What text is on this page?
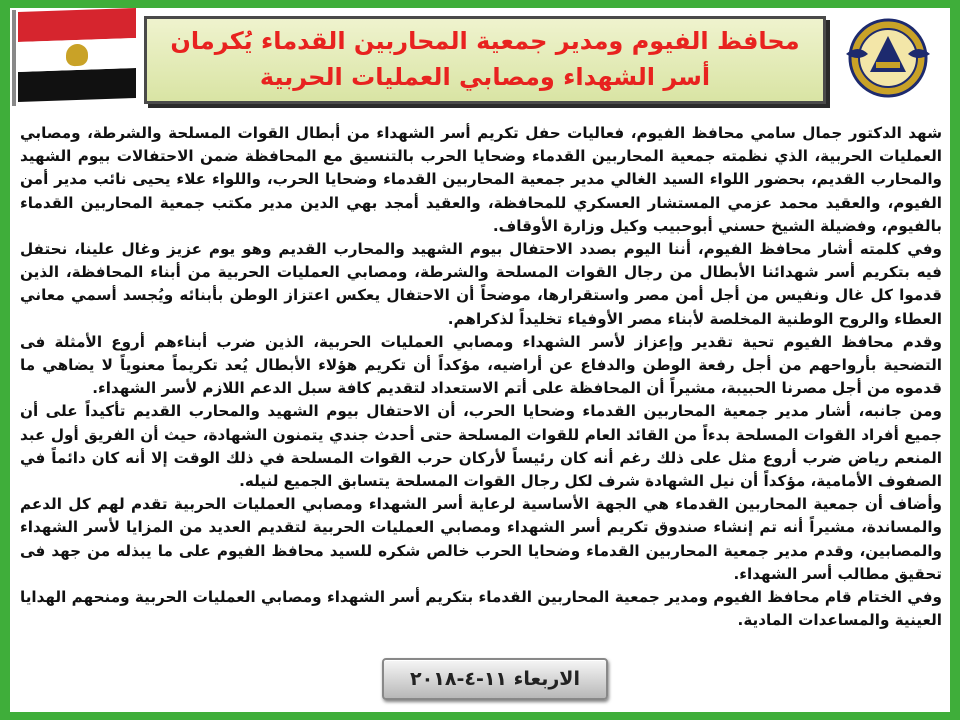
محافظ الفيوم ومدير جمعية المحاربين القدماء يُكرمان أسر الشهداء ومصابي العمليات الحربية

شهد الدكتور جمال سامي محافظ الفيوم، فعاليات حفل تكريم أسر الشهداء من أبطال القوات المسلحة والشرطة، ومصابي العمليات الحربية، الذي نظمته جمعية المحاربين القدماء وضحايا الحرب بالتنسيق مع المحافظة ضمن الاحتفالات بيوم الشهيد والمحارب القديم، بحضور اللواء السيد الغالي مدير جمعية المحاربين القدماء وضحايا الحرب، واللواء علاء يحيى نائب مدير أمن الفيوم، والعقيد محمد عزمي المستشار العسكري للمحافظة، والعقيد أمجد بهي الدين مدير مكتب جمعية المحاربين القدماء بالفيوم، وفضيلة الشيخ حسني أبوحبيب وكيل وزارة الأوقاف.

وفي كلمته أشار محافظ الفيوم، أننا اليوم بصدد الاحتفال بيوم الشهيد والمحارب القديم وهو يوم عزيز وغال علينا، نحتفل فيه بتكريم أسر شهدائنا الأبطال من رجال القوات المسلحة والشرطة، ومصابي العمليات الحربية من أبناء المحافظة، الذين قدموا كل غال ونفيس من أجل أمن مصر واستقرارها، موضحاً أن الاحتفال يعكس اعتزاز الوطن بأبنائه ويُجسد أسمي معاني العطاء والروح الوطنية المخلصة لأبناء مصر الأوفياء تخليداً لذكراهم.

وقدم محافظ الفيوم تحية تقدير وإعزاز لأسر الشهداء ومصابي العمليات الحربية، الذين ضرب أبناءهم أروع الأمثلة فى التضحية بأرواحهم من أجل رفعة الوطن والدفاع عن أراضيه، مؤكداً أن تكريم هؤلاء الأبطال يُعد تكريماً معنوياً لا يضاهي ما قدموه من أجل مصرنا الحبيبة، مشيراً أن المحافظة على أتم الاستعداد لتقديم كافة سبل الدعم اللازم لأسر الشهداء.

ومن جانبه، أشار مدير جمعية المحاربين القدماء وضحايا الحرب، أن الاحتفال بيوم الشهيد والمحارب القديم تأكيداً على أن جميع أفراد القوات المسلحة بدءاً من القائد العام للقوات المسلحة حتى أحدث جندي يتمنون الشهادة، حيث أن الفريق أول عبد المنعم رياض ضرب أروع مثل على ذلك رغم أنه كان رئيساً لأركان حرب القوات المسلحة في ذلك الوقت إلا أنه كان دائماً في الصفوف الأمامية، مؤكداً أن نيل الشهادة شرف لكل رجال القوات المسلحة يتسابق الجميع لنيله.

وأضاف أن جمعية المحاربين القدماء هي الجهة الأساسية لرعاية أسر الشهداء ومصابي العمليات الحربية تقدم لهم كل الدعم والمساندة، مشيراً أنه تم إنشاء صندوق تكريم أسر الشهداء ومصابي العمليات الحربية لتقديم العديد من المزايا لأسر الشهداء والمصابين، وقدم مدير جمعية المحاربين القدماء وضحايا الحرب خالص شكره للسيد محافظ الفيوم على ما يبذله من جهد فى تحقيق مطالب أسر الشهداء.

وفي الختام قام محافظ الفيوم ومدير جمعية المحاربين القدماء بتكريم أسر الشهداء ومصابي العمليات الحربية ومنحهم الهدايا العينية والمساعدات المادية.

الاربعاء ١١-٤-٢٠١٨
